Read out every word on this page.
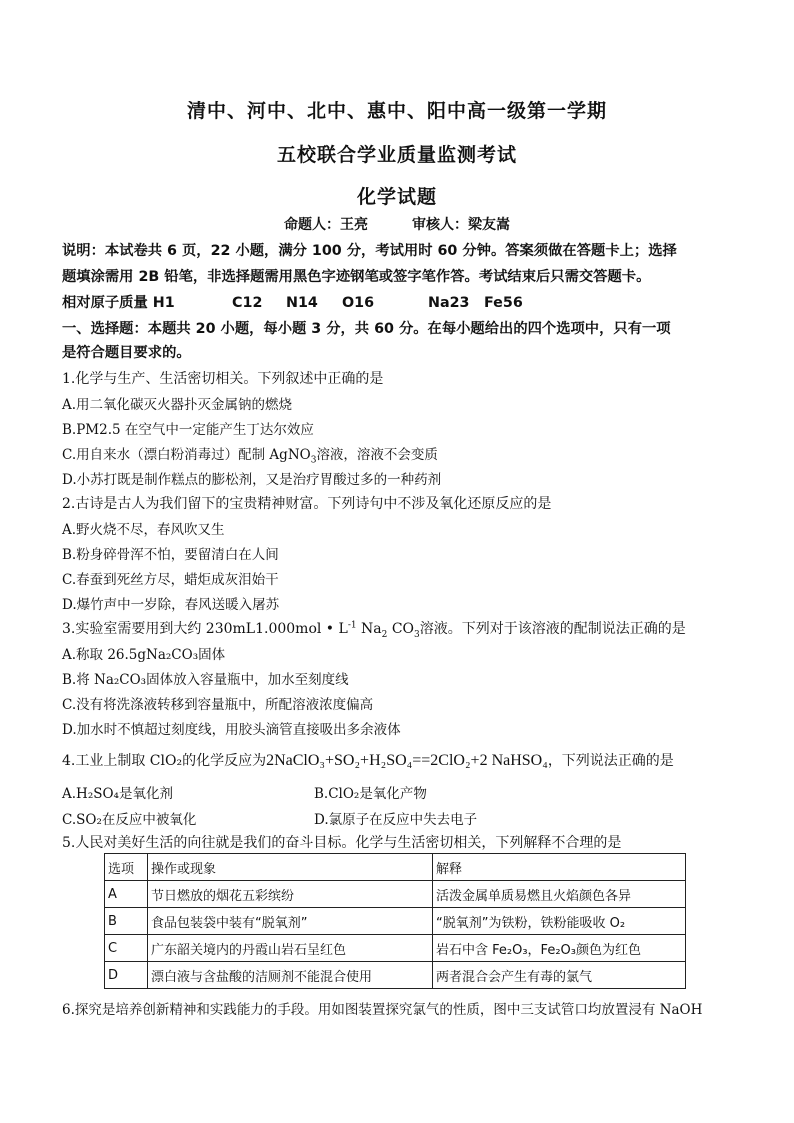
清中、河中、北中、惠中、阳中高一级第一学期
五校联合学业质量监测考试
化学试题
命题人：王亮	审核人：梁友嵩
说明：本试卷共 6 页，22 小题，满分 100 分，考试用时 60 分钟。答案须做在答题卡上；选择
题填涂需用 2B 铅笔，非选择题需用黑色字迹钢笔或签字笔作答。考试结束后只需交答题卡。
相对原子质量 H1	C12 N14 O16	Na23 Fe56
一、选择题：本题共 20 小题，每小题 3 分，共 60 分。在每小题给出的四个选项中，只有一项
是符合题目要求的。
1.化学与生产、生活密切相关。下列叙述中正确的是
A.用二氧化碳灭火器扑灭金属钠的燃烧
B.PM2.5 在空气中一定能产生丁达尔效应
C.用自来水（漂白粉消毒过）配制 AgNO$_3$溶液，溶液不会变质
D.小苏打既是制作糕点的膨松剂，又是治疗胃酸过多的一种药剂
2.古诗是古人为我们留下的宝贵精神财富。下列诗句中不涉及氧化还原反应的是
A.野火烧不尽，春风吹又生
B.粉身碎骨浑不怕，要留清白在人间
C.春蚕到死丝方尽，蜡炬成灰泪始干
D.爆竹声中一岁除，春风送暖入屠苏
3.实验室需要用到大约 230mL1.000mol • $L^{-1}$ $Na_2$ $CO_3$溶液。下列对于该溶液的配制说法正确的是
A.称取 26.5gNa₂CO₃固体
B.将 Na₂CO₃固体放入容量瓶中，加水至刻度线
C.没有将洗涤液转移到容量瓶中，所配溶液浓度偏高
D.加水时不慎超过刻度线，用胶头滴管直接吸出多余液体
4.工业上制取 ClO₂的化学反应为2NaClO₃+SO₂+H₂SO₄==2ClO₂+2 NaHSO₄，下列说法正确的是
A.H₂SO₄是氧化剂	B.ClO₂是氧化产物
C.SO₂在反应中被氧化	D.氯原子在反应中失去电子
5.人民对美好生活的向往就是我们的奋斗目标。化学与生活密切相关，下列解释不合理的是
选项	操作或现象	解释
A	节日燃放的烟花五彩缤纷	活泼金属单质易燃且火焰颜色各异
B	食品包装袋中装有“脱氧剂”	“脱氧剂”为铁粉，铁粉能吸收 O₂
C	广东韶关境内的丹霞山岩石呈红色	岩石中含 Fe₂O₃，Fe₂O₃颜色为红色
D	漂白液与含盐酸的洁厕剂不能混合使用	两者混合会产生有毒的氯气
6.探究是培养创新精神和实践能力的手段。用如图装置探究氯气的性质，图中三支试管口均放置浸有 NaOH
